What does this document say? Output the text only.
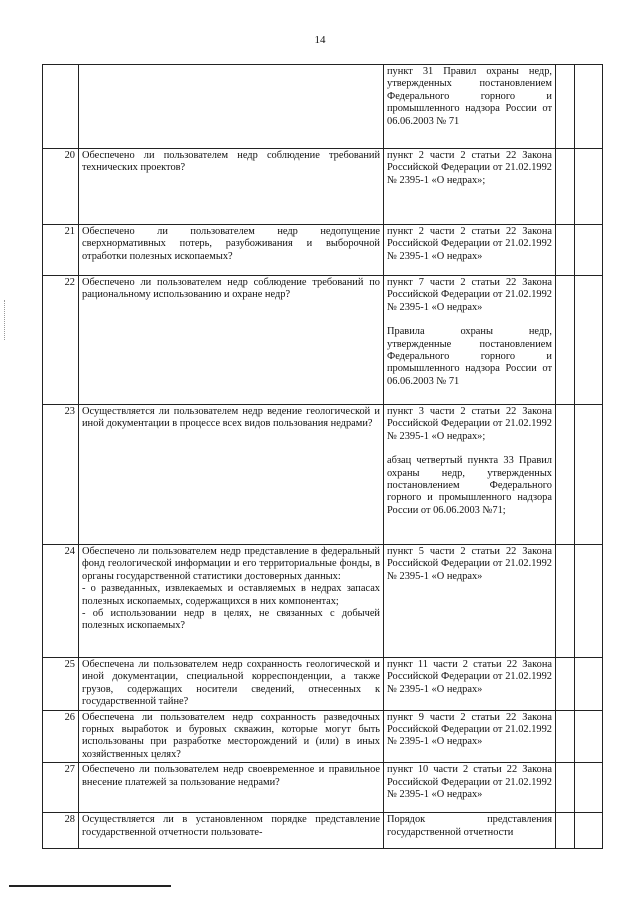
14

		пункт 31 Правил охраны недр, утвержденных постановлением Федерального горного и промышленного надзора России от 06.06.2003 № 71		

20	Обеспечено ли пользователем недр соблюдение требований технических проектов?	пункт 2 части 2 статьи 22 Закона Российской Федерации от 21.02.1992 № 2395-1 «О недрах»;		

21	Обеспечено ли пользователем недр недопущение сверхнормативных потерь, разубоживания и выборочной отработки полезных ископаемых?	пункт 2 части 2 статьи 22 Закона Российской Федерации от 21.02.1992 № 2395-1 «О недрах»		

22	Обеспечено ли пользователем недр соблюдение требований по рациональному использованию и охране недр?	пункт 7 части 2 статьи 22 Закона Российской Федерации от 21.02.1992 № 2395-1 «О недрах»

Правила охраны недр, утвержденные постановлением Федерального горного и промышленного надзора России от 06.06.2003 № 71		

23	Осуществляется ли пользователем недр ведение геологической и иной документации в процессе всех видов пользования недрами?	пункт 3 части 2 статьи 22 Закона Российской Федерации от 21.02.1992 № 2395-1 «О недрах»;

абзац четвертый пункта 33 Правил охраны недр, утвержденных постановлением Федерального горного и промышленного надзора России от 06.06.2003 №71;		

24	Обеспечено ли пользователем недр представление в федеральный фонд геологической информации и его территориальные фонды, в органы государственной статистики достоверных данных:
- о разведанных, извлекаемых и оставляемых в недрах запасах полезных ископаемых, содержащихся в них компонентах;
- об использовании недр в целях, не связанных с добычей полезных ископаемых?	пункт 5 части 2 статьи 22 Закона Российской Федерации от 21.02.1992 № 2395-1 «О недрах»		

25	Обеспечена ли пользователем недр сохранность геологической и иной документации, специальной корреспонденции, а также грузов, содержащих носители сведений, отнесенных к государственной тайне?	пункт 11 части 2 статьи 22 Закона Российской Федерации от 21.02.1992 № 2395-1 «О недрах»		

26	Обеспечена ли пользователем недр сохранность разведочных горных выработок и буровых скважин, которые могут быть использованы при разработке месторождений и (или) в иных хозяйственных целях?	пункт 9 части 2 статьи 22 Закона Российской Федерации от 21.02.1992 № 2395-1 «О недрах»		

27	Обеспечено ли пользователем недр своевременное и правильное внесение платежей за пользование недрами?	пункт 10 части 2 статьи 22 Закона Российской Федерации от 21.02.1992 № 2395-1 «О недрах»		

28	Осуществляется ли в установленном порядке представление государственной отчетности пользовате-	Порядок представления государственной отчетности		
